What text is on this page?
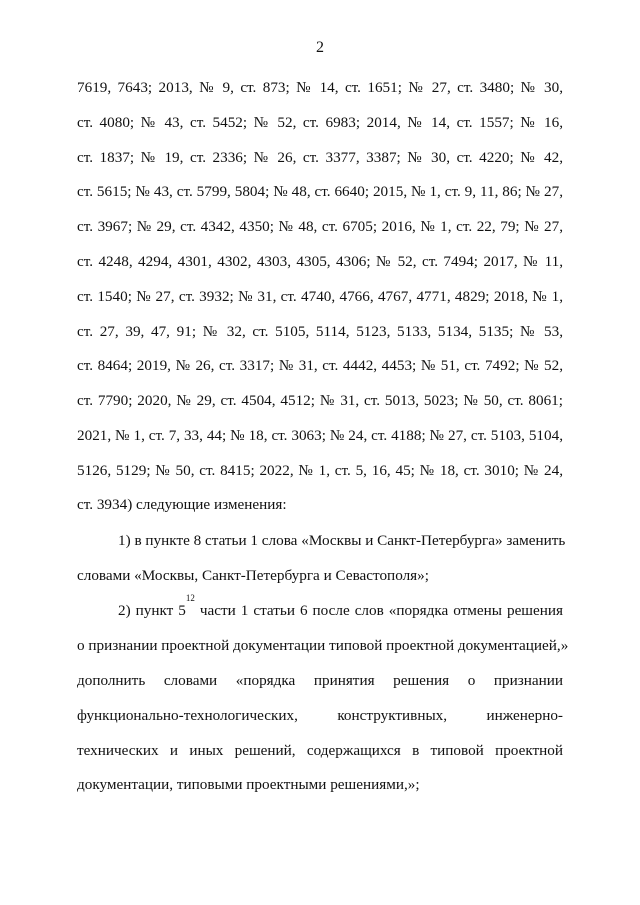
2
7619, 7643; 2013, № 9, ст. 873; № 14, ст. 1651; № 27, ст. 3480; № 30,
ст. 4080; № 43, ст. 5452; № 52, ст. 6983; 2014, № 14, ст. 1557; № 16,
ст. 1837; № 19, ст. 2336; № 26, ст. 3377, 3387; № 30, ст. 4220; № 42,
ст. 5615; № 43, ст. 5799, 5804; № 48, ст. 6640; 2015, № 1, ст. 9, 11, 86; № 27,
ст. 3967; № 29, ст. 4342, 4350; № 48, ст. 6705; 2016, № 1, ст. 22, 79; № 27,
ст. 4248, 4294, 4301, 4302, 4303, 4305, 4306; № 52, ст. 7494; 2017, № 11,
ст. 1540; № 27, ст. 3932; № 31, ст. 4740, 4766, 4767, 4771, 4829; 2018, № 1,
ст. 27, 39, 47, 91; № 32, ст. 5105, 5114, 5123, 5133, 5134, 5135; № 53,
ст. 8464; 2019, № 26, ст. 3317; № 31, ст. 4442, 4453; № 51, ст. 7492; № 52,
ст. 7790; 2020, № 29, ст. 4504, 4512; № 31, ст. 5013, 5023; № 50, ст. 8061;
2021, № 1, ст. 7, 33, 44; № 18, ст. 3063; № 24, ст. 4188; № 27, ст. 5103, 5104,
5126, 5129; № 50, ст. 8415; 2022, № 1, ст. 5, 16, 45; № 18, ст. 3010; № 24,
ст. 3934) следующие изменения:
1) в пункте 8 статьи 1 слова «Москвы и Санкт-Петербурга» заменить
словами «Москвы, Санкт-Петербурга и Севастополя»;
2) пункт $5^{12}$ части 1 статьи 6 после слов «порядка отмены решения
о признании проектной документации типовой проектной документацией,»
дополнить словами «порядка принятия решения о признании
функционально-технологических, конструктивных, инженерно-
технических и иных решений, содержащихся в типовой проектной
документации, типовыми проектными решениями,»;
